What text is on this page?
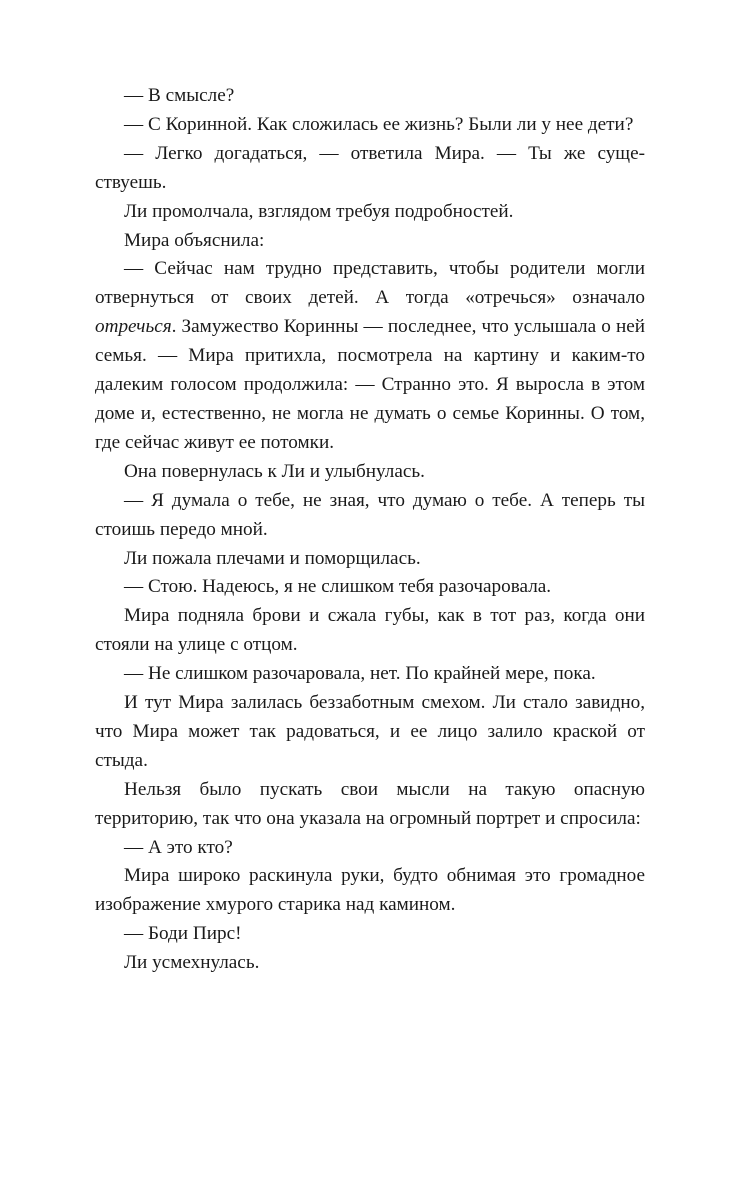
— В смысле?

— С Коринной. Как сложилась ее жизнь? Были ли у нее дети?

— Легко догадаться, — ответила Мира. — Ты же существуешь.

Ли промолчала, взглядом требуя подробностей.

Мира объяснила:

— Сейчас нам трудно представить, чтобы родители могли отвернуться от своих детей. А тогда «отречься» означало отречься. Замужество Коринны — последнее, что услышала о ней семья. — Мира притихла, посмотрела на картину и каким-то далеким голосом продолжила: — Странно это. Я выросла в этом доме и, естественно, не могла не думать о семье Коринны. О том, где сейчас живут ее потомки.

Она повернулась к Ли и улыбнулась.

— Я думала о тебе, не зная, что думаю о тебе. А теперь ты стоишь передо мной.

Ли пожала плечами и поморщилась.

— Стою. Надеюсь, я не слишком тебя разочаровала.

Мира подняла брови и сжала губы, как в тот раз, когда они стояли на улице с отцом.

— Не слишком разочаровала, нет. По крайней мере, пока.

И тут Мира залилась беззаботным смехом. Ли стало завидно, что Мира может так радоваться, и ее лицо залило краской от стыда.

Нельзя было пускать свои мысли на такую опасную территорию, так что она указала на огромный портрет и спросила:

— А это кто?

Мира широко раскинула руки, будто обнимая это громадное изображение хмурого старика над камином.

— Боди Пирс!

Ли усмехнулась.
